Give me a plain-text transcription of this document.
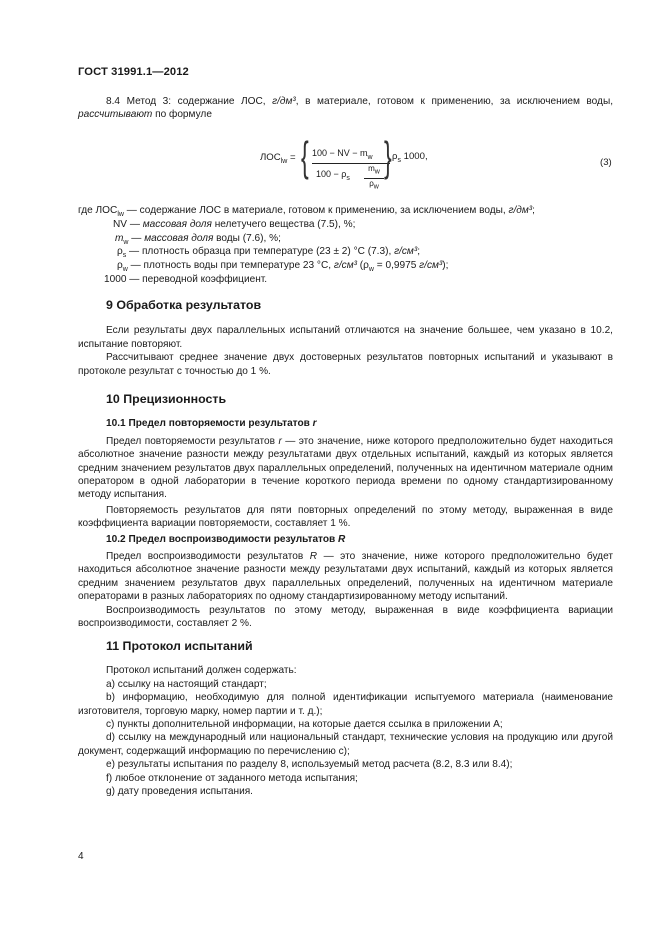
ГОСТ 31991.1—2012

8.4 Метод 3: содержание ЛОС, г/дм³, в материале, готовом к применению, за исключением воды, рассчитывают по формуле

$ЛОС_{lw}$ = { 100 − NV − $m_w$
$100 - \rho_s \frac{m_w}{\rho_w}$ } $\rho_s$ 1000,
(3)
где $ЛОС_{lw}$ — содержание ЛОС в материале, готовом к применению, за исключением воды, г/дм³;
NV — массовая доля нелетучего вещества (7.5), %;
$m_w$ — массовая доля воды (7.6), %;
$\rho_s$ — плотность образца при температуре (23 ± 2) °С (7.3), г/см³;
$\rho_w$ — плотность воды при температуре 23 °С, г/см³ ($\rho_w = 0,9975$ г/см³);
1000 — переводной коэффициент.

9 Обработка результатов

Если результаты двух параллельных испытаний отличаются на значение большее, чем указано в 10.2, испытание повторяют.

Рассчитывают среднее значение двух достоверных результатов повторных испытаний и указывают в протоколе результат с точностью до 1 %.

10 Прецизионность

10.1 Предел повторяемости результатов r

Предел повторяемости результатов r — это значение, ниже которого предположительно будет находиться абсолютное значение разности между результатами двух отдельных испытаний, каждый из которых является средним значением результатов двух параллельных определений, полученных на идентичном материале одним оператором в одной лаборатории в течение короткого периода времени по одному стандартизированному методу испытания.

Повторяемость результатов для пяти повторных определений по этому методу, выраженная в виде коэффициента вариации повторяемости, составляет 1 %.

10.2 Предел воспроизводимости результатов R

Предел воспроизводимости результатов R — это значение, ниже которого предположительно будет находиться абсолютное значение разности между результатами двух испытаний, каждый из которых является средним значением результатов двух параллельных определений, полученных на идентичном материале операторами в разных лабораториях по одному стандартизированному методу испытаний.

Воспроизводимость результатов по этому методу, выраженная в виде коэффициента вариации воспроизводимости, составляет 2 %.

11 Протокол испытаний

Протокол испытаний должен содержать:

a) ссылку на настоящий стандарт;

b) информацию, необходимую для полной идентификации испытуемого материала (наименование изготовителя, торговую марку, номер партии и т. д.);

c) пункты дополнительной информации, на которые дается ссылка в приложении А;

d) ссылку на международный или национальный стандарт, технические условия на продукцию или другой документ, содержащий информацию по перечислению с);

e) результаты испытания по разделу 8, используемый метод расчета (8.2, 8.3 или 8.4);

f) любое отклонение от заданного метода испытания;

g) дату проведения испытания.

4
